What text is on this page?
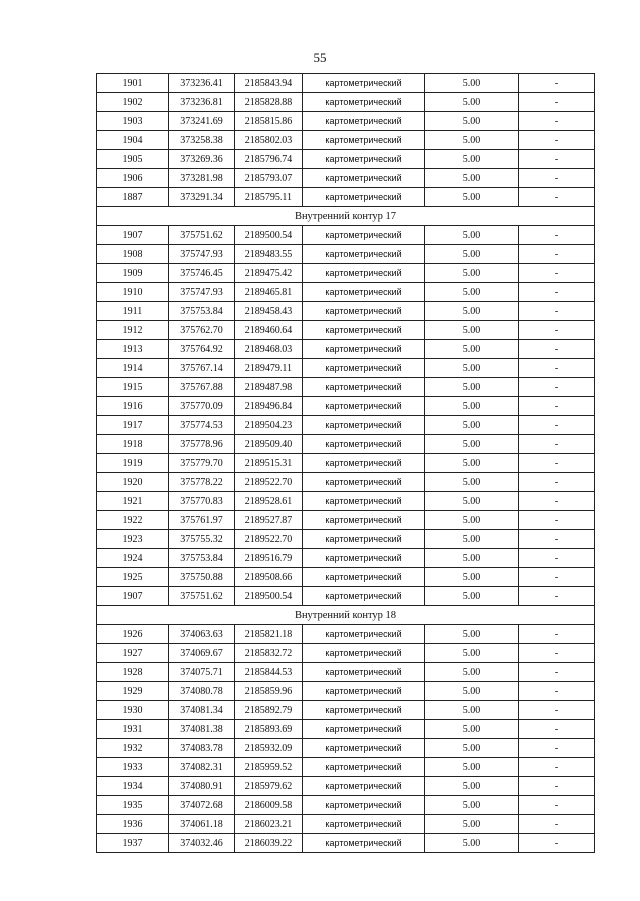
55
1901	373236.41	2185843.94	картометрический	5.00	-
1902	373236.81	2185828.88	картометрический	5.00	-
1903	373241.69	2185815.86	картометрический	5.00	-
1904	373258.38	2185802.03	картометрический	5.00	-
1905	373269.36	2185796.74	картометрический	5.00	-
1906	373281.98	2185793.07	картометрический	5.00	-
1887	373291.34	2185795.11	картометрический	5.00	-
Внутренний контур 17					
1907	375751.62	2189500.54	картометрический	5.00	-
1908	375747.93	2189483.55	картометрический	5.00	-
1909	375746.45	2189475.42	картометрический	5.00	-
1910	375747.93	2189465.81	картометрический	5.00	-
1911	375753.84	2189458.43	картометрический	5.00	-
1912	375762.70	2189460.64	картометрический	5.00	-
1913	375764.92	2189468.03	картометрический	5.00	-
1914	375767.14	2189479.11	картометрический	5.00	-
1915	375767.88	2189487.98	картометрический	5.00	-
1916	375770.09	2189496.84	картометрический	5.00	-
1917	375774.53	2189504.23	картометрический	5.00	-
1918	375778.96	2189509.40	картометрический	5.00	-
1919	375779.70	2189515.31	картометрический	5.00	-
1920	375778.22	2189522.70	картометрический	5.00	-
1921	375770.83	2189528.61	картометрический	5.00	-
1922	375761.97	2189527.87	картометрический	5.00	-
1923	375755.32	2189522.70	картометрический	5.00	-
1924	375753.84	2189516.79	картометрический	5.00	-
1925	375750.88	2189508.66	картометрический	5.00	-
1907	375751.62	2189500.54	картометрический	5.00	-
Внутренний контур 18					
1926	374063.63	2185821.18	картометрический	5.00	-
1927	374069.67	2185832.72	картометрический	5.00	-
1928	374075.71	2185844.53	картометрический	5.00	-
1929	374080.78	2185859.96	картометрический	5.00	-
1930	374081.34	2185892.79	картометрический	5.00	-
1931	374081.38	2185893.69	картометрический	5.00	-
1932	374083.78	2185932.09	картометрический	5.00	-
1933	374082.31	2185959.52	картометрический	5.00	-
1934	374080.91	2185979.62	картометрический	5.00	-
1935	374072.68	2186009.58	картометрический	5.00	-
1936	374061.18	2186023.21	картометрический	5.00	-
1937	374032.46	2186039.22	картометрический	5.00	-
